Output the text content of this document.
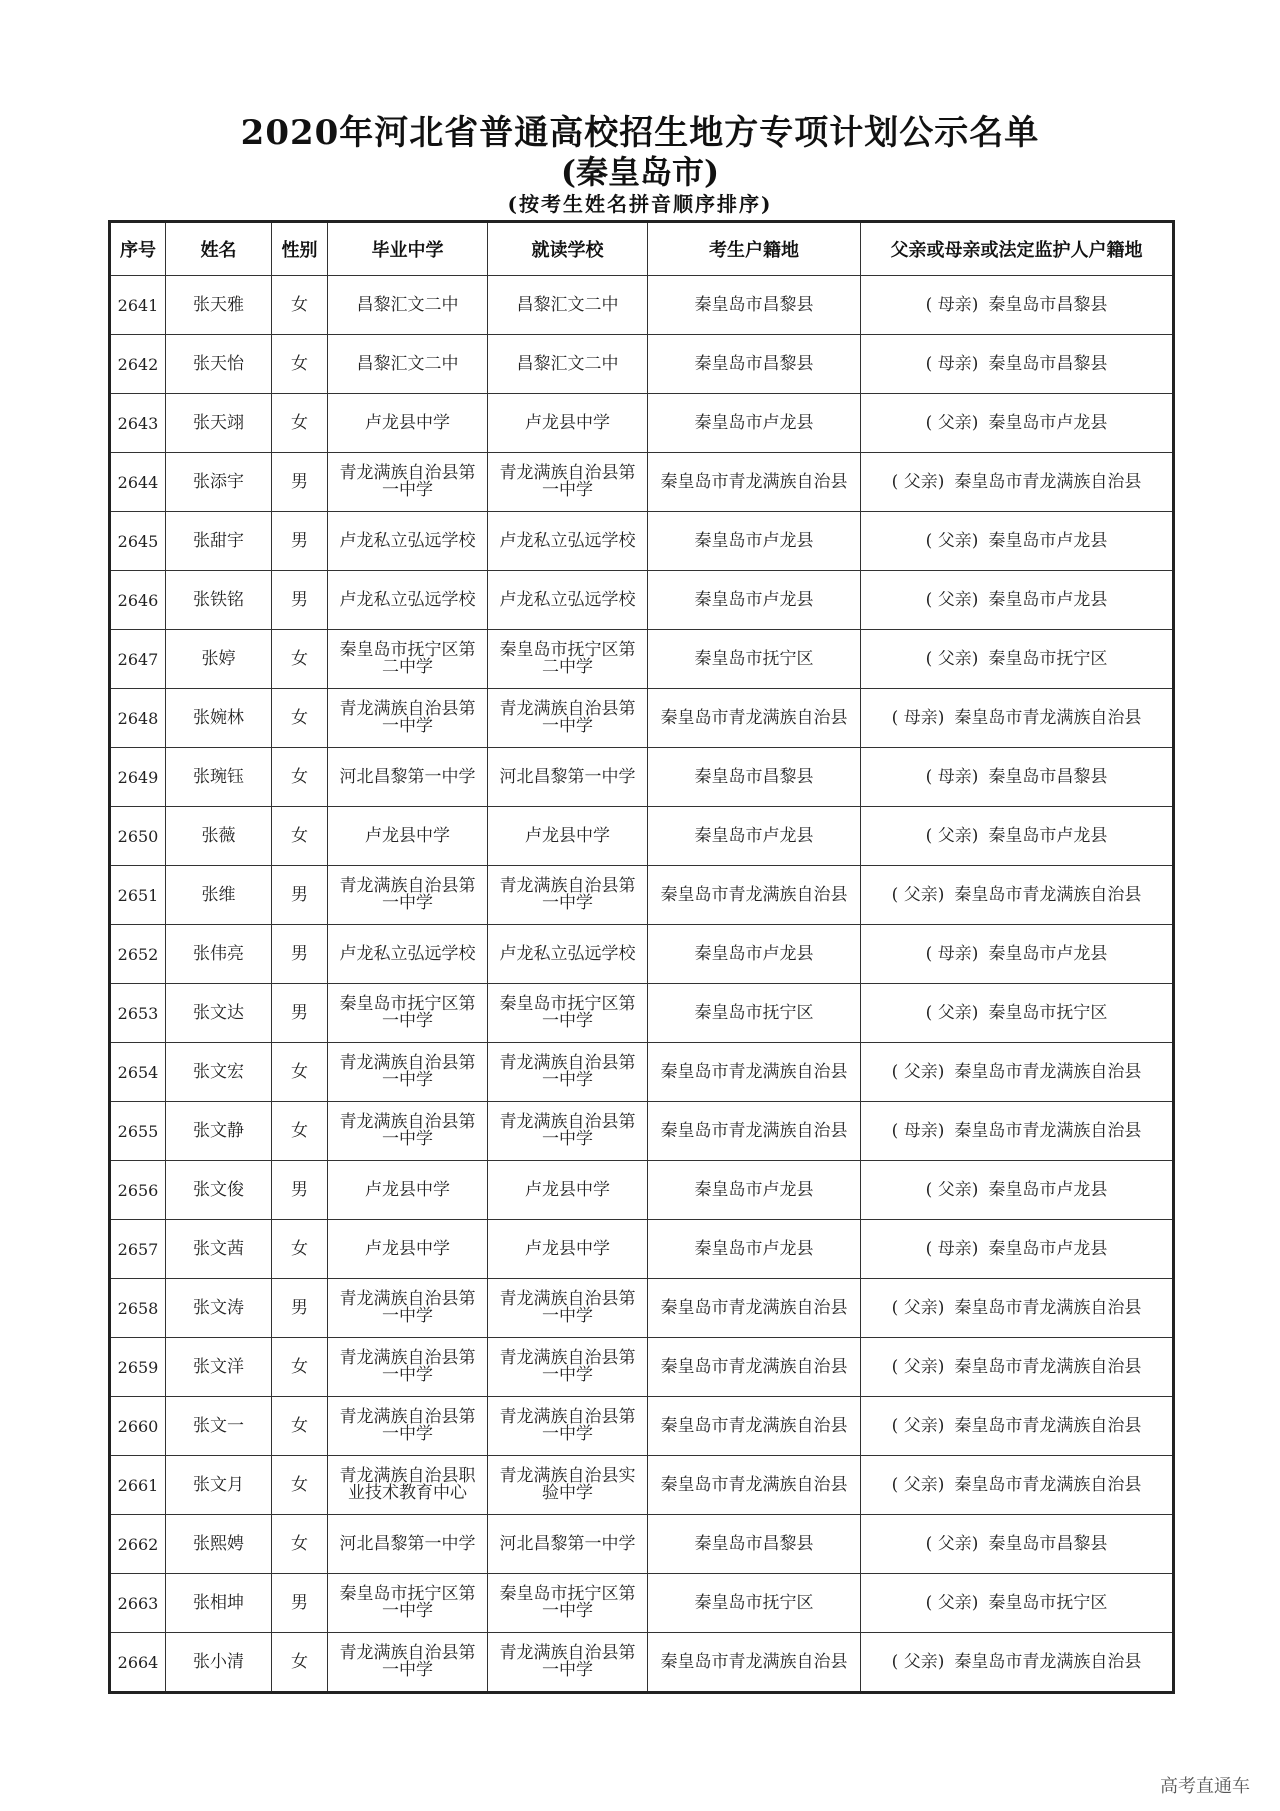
2020年河北省普通高校招生地方专项计划公示名单
(秦皇岛市)
(按考生姓名拼音顺序排序)
序号	姓名	性别	毕业中学	就读学校	考生户籍地	父亲或母亲或法定监护人户籍地
2641	张天雅	女	昌黎汇文二中	昌黎汇文二中	秦皇岛市昌黎县	( 母亲) 秦皇岛市昌黎县
2642	张天怡	女	昌黎汇文二中	昌黎汇文二中	秦皇岛市昌黎县	( 母亲) 秦皇岛市昌黎县
2643	张天翊	女	卢龙县中学	卢龙县中学	秦皇岛市卢龙县	( 父亲) 秦皇岛市卢龙县
2644	张添宇	男	青龙满族自治县第一中学	青龙满族自治县第一中学	秦皇岛市青龙满族自治县	( 父亲) 秦皇岛市青龙满族自治县
2645	张甜宇	男	卢龙私立弘远学校	卢龙私立弘远学校	秦皇岛市卢龙县	( 父亲) 秦皇岛市卢龙县
2646	张铁铭	男	卢龙私立弘远学校	卢龙私立弘远学校	秦皇岛市卢龙县	( 父亲) 秦皇岛市卢龙县
2647	张婷	女	秦皇岛市抚宁区第二中学	秦皇岛市抚宁区第二中学	秦皇岛市抚宁区	( 父亲) 秦皇岛市抚宁区
2648	张婉林	女	青龙满族自治县第一中学	青龙满族自治县第一中学	秦皇岛市青龙满族自治县	( 母亲) 秦皇岛市青龙满族自治县
2649	张琬钰	女	河北昌黎第一中学	河北昌黎第一中学	秦皇岛市昌黎县	( 母亲) 秦皇岛市昌黎县
2650	张薇	女	卢龙县中学	卢龙县中学	秦皇岛市卢龙县	( 父亲) 秦皇岛市卢龙县
2651	张维	男	青龙满族自治县第一中学	青龙满族自治县第一中学	秦皇岛市青龙满族自治县	( 父亲) 秦皇岛市青龙满族自治县
2652	张伟亮	男	卢龙私立弘远学校	卢龙私立弘远学校	秦皇岛市卢龙县	( 母亲) 秦皇岛市卢龙县
2653	张文达	男	秦皇岛市抚宁区第一中学	秦皇岛市抚宁区第一中学	秦皇岛市抚宁区	( 父亲) 秦皇岛市抚宁区
2654	张文宏	女	青龙满族自治县第一中学	青龙满族自治县第一中学	秦皇岛市青龙满族自治县	( 父亲) 秦皇岛市青龙满族自治县
2655	张文静	女	青龙满族自治县第一中学	青龙满族自治县第一中学	秦皇岛市青龙满族自治县	( 母亲) 秦皇岛市青龙满族自治县
2656	张文俊	男	卢龙县中学	卢龙县中学	秦皇岛市卢龙县	( 父亲) 秦皇岛市卢龙县
2657	张文茜	女	卢龙县中学	卢龙县中学	秦皇岛市卢龙县	( 母亲) 秦皇岛市卢龙县
2658	张文涛	男	青龙满族自治县第一中学	青龙满族自治县第一中学	秦皇岛市青龙满族自治县	( 父亲) 秦皇岛市青龙满族自治县
2659	张文洋	女	青龙满族自治县第一中学	青龙满族自治县第一中学	秦皇岛市青龙满族自治县	( 父亲) 秦皇岛市青龙满族自治县
2660	张文一	女	青龙满族自治县第一中学	青龙满族自治县第一中学	秦皇岛市青龙满族自治县	( 父亲) 秦皇岛市青龙满族自治县
2661	张文月	女	青龙满族自治县职业技术教育中心	青龙满族自治县实验中学	秦皇岛市青龙满族自治县	( 父亲) 秦皇岛市青龙满族自治县
2662	张熙娉	女	河北昌黎第一中学	河北昌黎第一中学	秦皇岛市昌黎县	( 父亲) 秦皇岛市昌黎县
2663	张相坤	男	秦皇岛市抚宁区第一中学	秦皇岛市抚宁区第一中学	秦皇岛市抚宁区	( 父亲) 秦皇岛市抚宁区
2664	张小清	女	青龙满族自治县第一中学	青龙满族自治县第一中学	秦皇岛市青龙满族自治县	( 父亲) 秦皇岛市青龙满族自治县
高考直通车
